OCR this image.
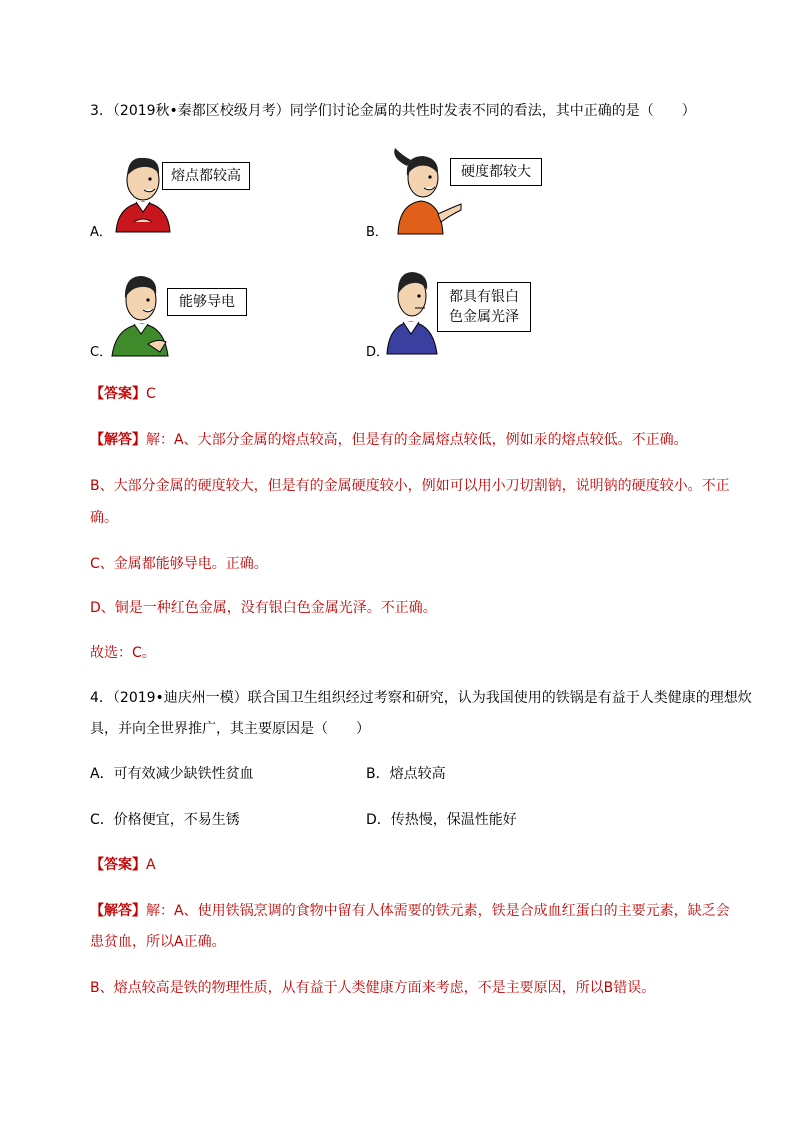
3．（2019秋•秦都区校级月考）同学们讨论金属的共性时发表不同的看法，其中正确的是（　　）
熔点都较高
A．
硬度都较大
B．
能够导电
C．
都具有银白
色金属光泽
D．
【答案】C
【解答】解：A、大部分金属的熔点较高，但是有的金属熔点较低，例如汞的熔点较低。不正确。
B、大部分金属的硬度较大，但是有的金属硬度较小，例如可以用小刀切割钠，说明钠的硬度较小。不正
确。
C、金属都能够导电。正确。
D、铜是一种红色金属，没有银白色金属光泽。不正确。
故选：C。
4．（2019•迪庆州一模）联合国卫生组织经过考察和研究，认为我国使用的铁锅是有益于人类健康的理想炊
具，并向全世界推广，其主要原因是（　　）
A．可有效减少缺铁性贫血	B．熔点较高
C．价格便宜，不易生锈	D．传热慢，保温性能好
【答案】A
【解答】解：A、使用铁锅烹调的食物中留有人体需要的铁元素，铁是合成血红蛋白的主要元素，缺乏会
患贫血，所以A正确。
B、熔点较高是铁的物理性质，从有益于人类健康方面来考虑，不是主要原因，所以B错误。
